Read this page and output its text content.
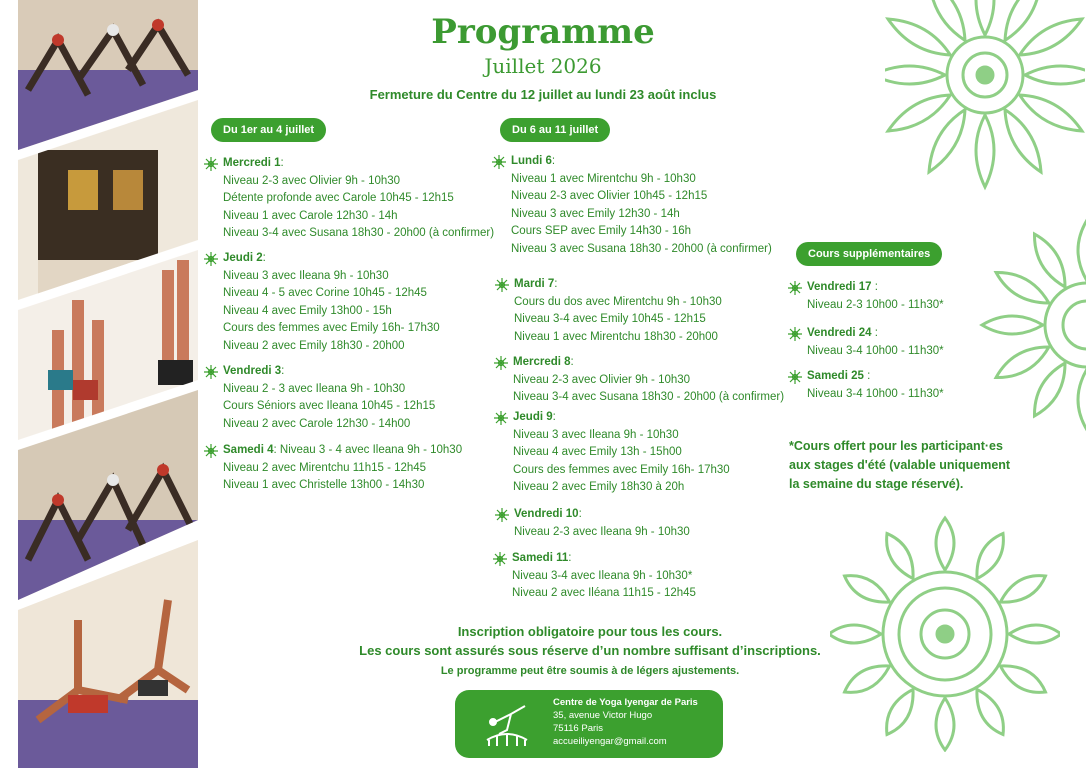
Programme
Juillet 2026
Fermeture du Centre du 12 juillet au lundi 23 août inclus
Du 1er au 4 juillet	Du 6 au 11 juillet
Cours supplémentaires
Mercredi 1:
Niveau 2-3 avec Olivier 9h - 10h30
Détente profonde avec Carole 10h45 - 12h15
Niveau 1 avec Carole 12h30 - 14h
Niveau 3-4 avec Susana 18h30 - 20h00 (à confirmer)
Jeudi 2:
Niveau 3 avec Ileana 9h - 10h30
Niveau 4 - 5 avec Corine 10h45 - 12h45
Niveau 4 avec Emily 13h00 - 15h
Cours des femmes avec Emily 16h- 17h30
Niveau 2 avec Emily 18h30 - 20h00
Vendredi 3:
Niveau 2 - 3 avec Ileana 9h - 10h30
Cours Séniors avec Ileana 10h45 - 12h15
Niveau 2 avec Carole 12h30 - 14h00
Samedi 4: Niveau 3 - 4 avec Ileana 9h - 10h30
Niveau 2 avec Mirentchu 11h15 - 12h45
Niveau 1 avec Christelle 13h00 - 14h30
Lundi 6:
Niveau 1 avec Mirentchu 9h - 10h30
Niveau 2-3 avec Olivier 10h45 - 12h15
Niveau 3 avec Emily 12h30 - 14h
Cours SEP avec Emily 14h30 - 16h
Niveau 3 avec Susana 18h30 - 20h00 (à confirmer)
Mardi 7:
Cours du dos avec Mirentchu 9h - 10h30
Niveau 3-4 avec Emily 10h45 - 12h15
Niveau 1 avec Mirentchu 18h30 - 20h00
Mercredi 8:
Niveau 2-3 avec Olivier 9h - 10h30
Niveau 3-4 avec Susana 18h30 - 20h00 (à confirmer)
Jeudi 9:
Niveau 3 avec Ileana 9h - 10h30
Niveau 4 avec Emily 13h - 15h00
Cours des femmes avec Emily 16h- 17h30
Niveau 2 avec Emily 18h30 à 20h
Vendredi 10:
Niveau 2-3 avec Ileana 9h - 10h30
Samedi 11:
Niveau 3-4 avec Ileana 9h - 10h30*
Niveau 2 avec Iléana 11h15 - 12h45
Vendredi 17 :
Niveau 2-3 10h00 - 11h30*
Vendredi 24 :
Niveau 3-4 10h00 - 11h30*
Samedi 25 :
Niveau 3-4 10h00 - 11h30*
*Cours offert pour les participant·es
aux stages d'été (valable uniquement
la semaine du stage réservé).
Inscription obligatoire pour tous les cours.
Les cours sont assurés sous réserve d’un nombre suffisant d’inscriptions.
Le programme peut être soumis à de légers ajustements.
Centre de Yoga Iyengar de Paris
35, avenue Victor Hugo
75116 Paris
accueiliyengar@gmail.com
